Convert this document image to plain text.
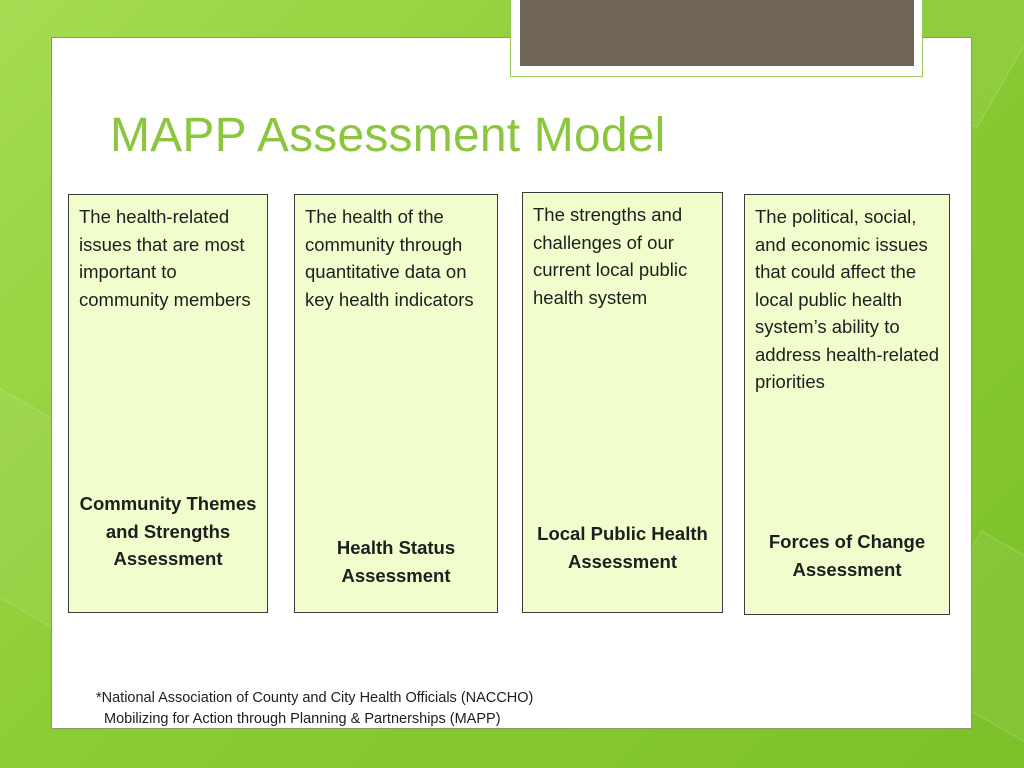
MAPP Assessment Model
The health-related issues that are most important to community members
Community Themes and Strengths Assessment
The health of the community through quantitative data on key health indicators
Health Status Assessment
The strengths and challenges of our current local public health system
Local Public Health Assessment
The political, social, and economic issues that could affect the local public health system’s ability to address health-related priorities
Forces of Change Assessment
*National Association of County and City Health Officials (NACCHO)
Mobilizing for Action through Planning & Partnerships (MAPP)
